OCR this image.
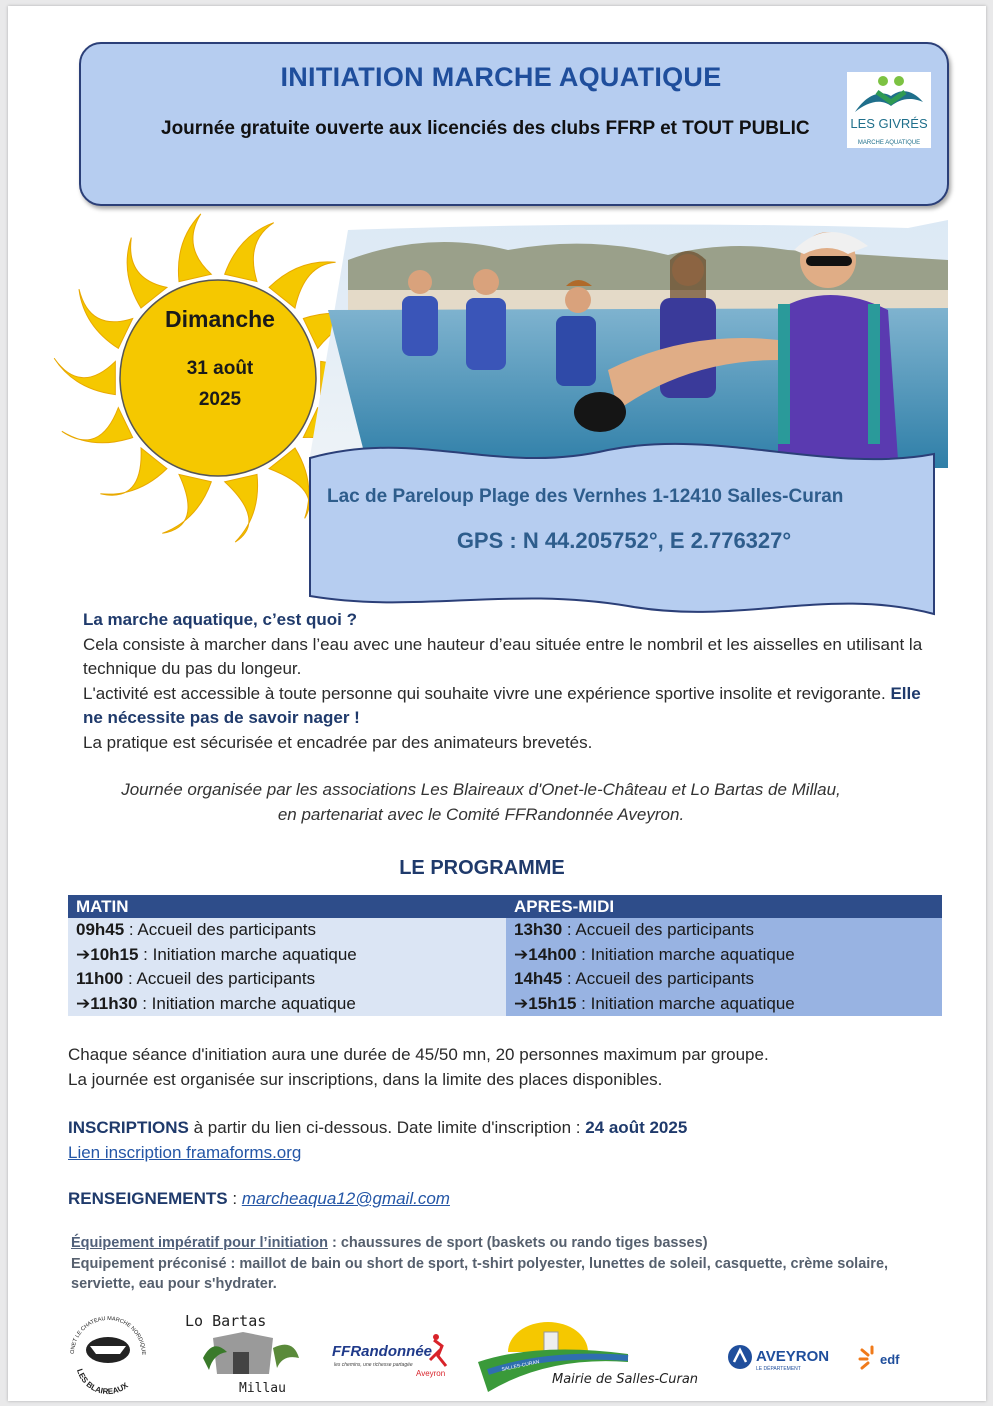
INITIATION MARCHE AQUATIQUE
Journée gratuite ouverte aux licenciés des clubs FFRP et TOUT PUBLIC	LES GIVRÉS
MARCHE AQUATIQUE
Dimanche
31 août
2025
Lac de Pareloup Plage des Vernhes 1-12410 Salles-Curan
GPS : N 44.205752°, E 2.776327°
La marche aquatique, c’est quoi ?
Cela consiste à marcher dans l’eau avec une hauteur d’eau située entre le nombril et les aisselles en utilisant la technique du pas du longeur.
L'activité est accessible à toute personne qui souhaite vivre une expérience sportive insolite et revigorante. Elle ne nécessite pas de savoir nager !
La pratique est sécurisée et encadrée par des animateurs brevetés.
Journée organisée par les associations Les Blaireaux d'Onet-le-Château et Lo Bartas de Millau,
en partenariat avec le Comité FFRandonnée Aveyron.
LE PROGRAMME
MATIN	APRES-MIDI
09h45 : Accueil des participants	13h30 : Accueil des participants
➔10h15 : Initiation marche aquatique	➔14h00 : Initiation marche aquatique
11h00 : Accueil des participants	14h45 : Accueil des participants
➔11h30 : Initiation marche aquatique	➔15h15 : Initiation marche aquatique
Chaque séance d'initiation aura une durée de 45/50 mn, 20 personnes maximum par groupe.
La journée est organisée sur inscriptions, dans la limite des places disponibles.
INSCRIPTIONS à partir du lien ci-dessous. Date limite d'inscription : 24 août 2025
Lien inscription framaforms.org
RENSEIGNEMENTS : marcheaqua12@gmail.com
Équipement impératif pour l’initiation : chaussures de sport (baskets ou rando tiges basses)
Equipement préconisé : maillot de bain ou short de sport, t-shirt polyester, lunettes de soleil, casquette, crème solaire, serviette, eau pour s'hydrater.
ONET LE CHATEAU MARCHE NORDIQUE
LES BLAIREAUX
Lo Bartas
Millau
FFRandonnée
les chemins, une richesse partagée
Aveyron
SALLES-CURAN
Mairie de Salles-Curan
AVEYRON
LE DÉPARTEMENT
edf
